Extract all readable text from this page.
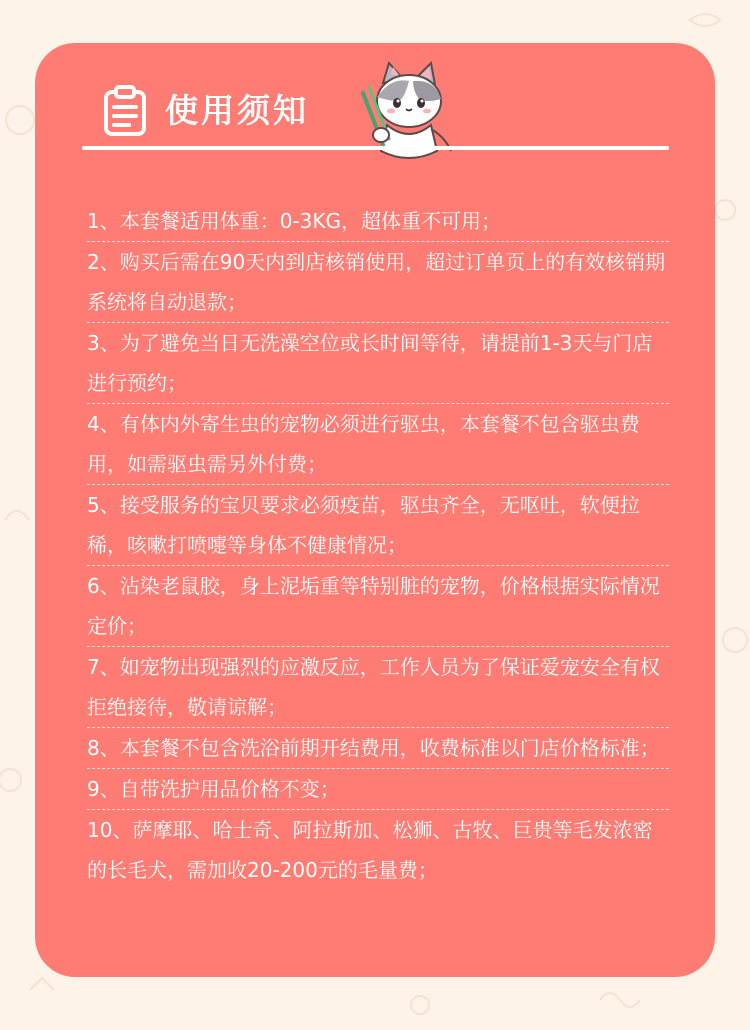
使用须知
1、本套餐适用体重：0-3KG，超体重不可用；
2、购买后需在90天内到店核销使用，超过订单页上的有效核销期系统将自动退款；
3、为了避免当日无洗澡空位或长时间等待，请提前1-3天与门店进行预约；
4、有体内外寄生虫的宠物必须进行驱虫，本套餐不包含驱虫费用，如需驱虫需另外付费；
5、接受服务的宝贝要求必须疫苗，驱虫齐全，无呕吐，软便拉稀，咳嗽打喷嚏等身体不健康情况；
6、沾染老鼠胶，身上泥垢重等特别脏的宠物，价格根据实际情况定价；
7、如宠物出现强烈的应激反应，工作人员为了保证爱宠安全有权拒绝接待，敬请谅解；
8、本套餐不包含洗浴前期开结费用，收费标准以门店价格标准；
9、自带洗护用品价格不变；
10、萨摩耶、哈士奇、阿拉斯加、松狮、古牧、巨贵等毛发浓密的长毛犬，需加收20-200元的毛量费；
